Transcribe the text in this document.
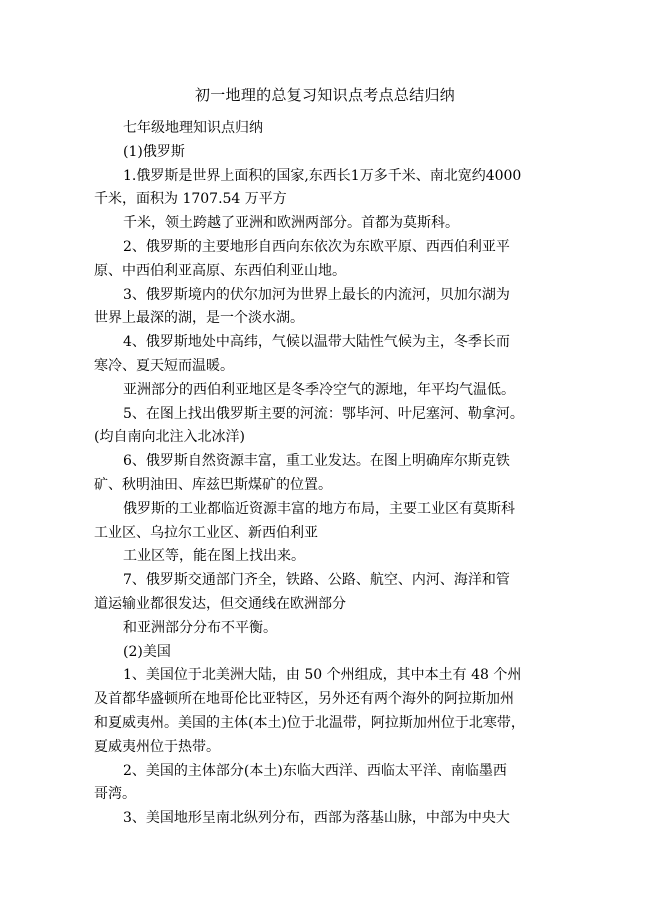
初一地理的总复习知识点考点总结归纳
七年级地理知识点归纳
(1)俄罗斯
1.俄罗斯是世界上面积的国家,东西长1万多千米、南北宽约4000
千米，面积为 1707.54 万平方
千米，领土跨越了亚洲和欧洲两部分。首都为莫斯科。
2、俄罗斯的主要地形自西向东依次为东欧平原、西西伯利亚平
原、中西伯利亚高原、东西伯利亚山地。
3、俄罗斯境内的伏尔加河为世界上最长的内流河，贝加尔湖为
世界上最深的湖，是一个淡水湖。
4、俄罗斯地处中高纬，气候以温带大陆性气候为主，冬季长而
寒冷、夏天短而温暖。
亚洲部分的西伯利亚地区是冬季冷空气的源地，年平均气温低。
5、在图上找出俄罗斯主要的河流：鄂毕河、叶尼塞河、勒拿河。
(均自南向北注入北冰洋)
6、俄罗斯自然资源丰富，重工业发达。在图上明确库尔斯克铁
矿、秋明油田、库兹巴斯煤矿的位置。
俄罗斯的工业都临近资源丰富的地方布局，主要工业区有莫斯科
工业区、乌拉尔工业区、新西伯利亚
工业区等，能在图上找出来。
7、俄罗斯交通部门齐全，铁路、公路、航空、内河、海洋和管
道运输业都很发达，但交通线在欧洲部分
和亚洲部分分布不平衡。
(2)美国
1、美国位于北美洲大陆，由 50 个州组成，其中本土有 48 个州
及首都华盛顿所在地哥伦比亚特区，另外还有两个海外的阿拉斯加州
和夏威夷州。美国的主体(本土)位于北温带，阿拉斯加州位于北寒带，
夏威夷州位于热带。
2、美国的主体部分(本土)东临大西洋、西临太平洋、南临墨西
哥湾。
3、美国地形呈南北纵列分布，西部为落基山脉，中部为中央大
